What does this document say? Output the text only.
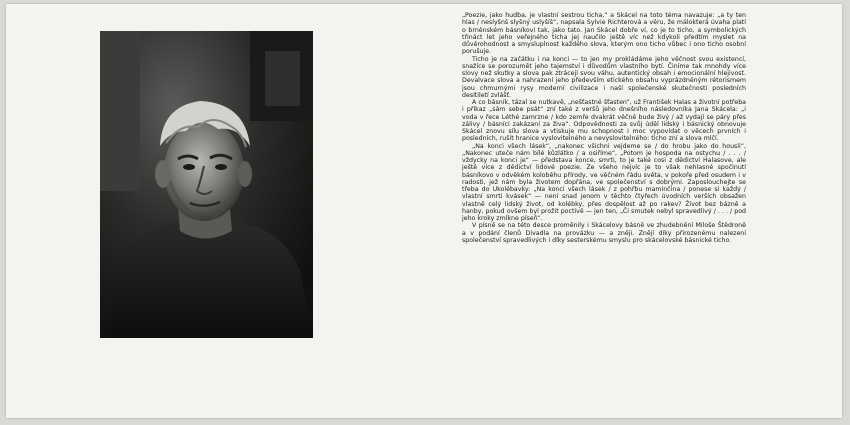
„Poezie, jako hudba, je vlastní sestrou ticha,“ a Skácel na toto téma navazuje: „a ty ten hlas / neslyšnš slyšný uslyšíš“, napsala Sylvie Richterová a věru, že málokterá úvaha platí o brněnském básníkovi tak, jako tato. Jan Skácel dobře ví, co je to ticho, a symbolických třináct let jeho veřejného ticha jej naučilo ještě víc než kdykoli předtím myslet na důvěrohodnost a smysluplnost každého slova, kterým ono ticho vůbec i ono ticho osobní porušuje.

Ticho je na začátku i na konci — to jen my prokládáme jeho věčnost svou existencí, snažíce se porozumět jeho tajemství i důvodům vlastního bytí. Činíme tak mnohdy více slovy než skutky a slova pak ztrácejí svou váhu, autentický obsah i emocionální hlejivost. Devalvace slova a nahrazení jeho především etického obsahu vyprázdněným rétorismem jsou chmurnými rysy moderní civilizace i naší společenské skutečnosti posledních desítiletí zvlášť.

A co básník, tázal se nutkavě, „nešťastné šťasten“, už František Halas a životní potřeba i příkaz „sám sebe psát“ zní také z veršů jeho dnešního následovníka Jana Skácela: „i voda v řece Léthé zamrzne / kdo zemře dvakrát věčně bude živý / až vydají se páry přes zálivy / básníci zakázaní za živa“. Odpovědnosti za svůj úděl lidský i básnický obnovuje Skácel znovu sílu slova a vtiskuje mu schopnost i moc vypovídat o věcech prvních i posledních, rušit hranice vyslovitelného a nevyslovitelného: ticho zní a slova mlčí.

„Na konci všech lásek“, „nakonec všichni vejdeme se / do hrobu jako do housli“, „Nakonec uteče nám bílé kůzlátko / a osiříme“, „Potom je hospoda na ostychu / . . . / vždycky na konci je“ — představa konce, smrti, to je také cosi z dědictví Halasove, ale ještě více z dědictví lidové poezie. Ze všeho nejvíc je to však nehlasné spočinutí básníkovo v odvěkém koloběhu přírody, ve věčném řádu světa, v pokoře před osudem i v radosti, jež nám byla životem dopřána, ve společenství s dobrými. Zaposlouchejte se třeba do Ukolébavky: „Na konci všech lásek / z pohřbu maminčina / ponese si každý / vlastní smrti kvásek“ — není snad jenom v těchto čtyřech úvodních verších obsažen vlastně celý lidský život, od kolébky, přes dospělost až po rakev? Život bez bázně a hanby, pokud ovšem byl prožit poctivě — jen ten, „Či smutek nebyl spravedlivý / . . . / pod jeho kroky zmlkne píseň“.

V písně se na této desce proměnily i Skácelovy básně ve zhudebnění Miloše Štědroně a v podání členů Divadla na provázku — a zněji. Znějí díky přirozenému nalezení společenství spravedlivých i díky sesterskému smyslu pro skácelovské básnické ticho.
